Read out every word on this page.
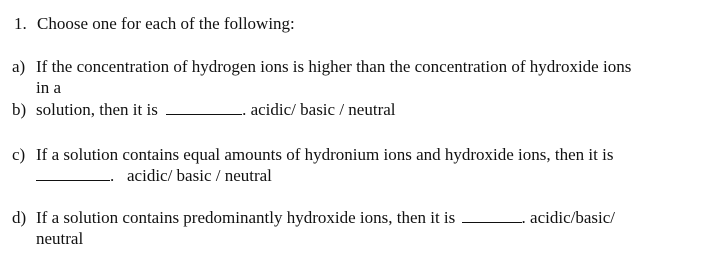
1. Choose one for each of the following:
a) If the concentration of hydrogen ions is higher than the concentration of hydroxide ions
in a
b) solution, then it is	. acidic/ basic / neutral
c) If a solution contains equal amounts of hydronium ions and hydroxide ions, then it is
.   acidic/ basic / neutral
d) If a solution contains predominantly hydroxide ions, then it is	. acidic/basic/
neutral
